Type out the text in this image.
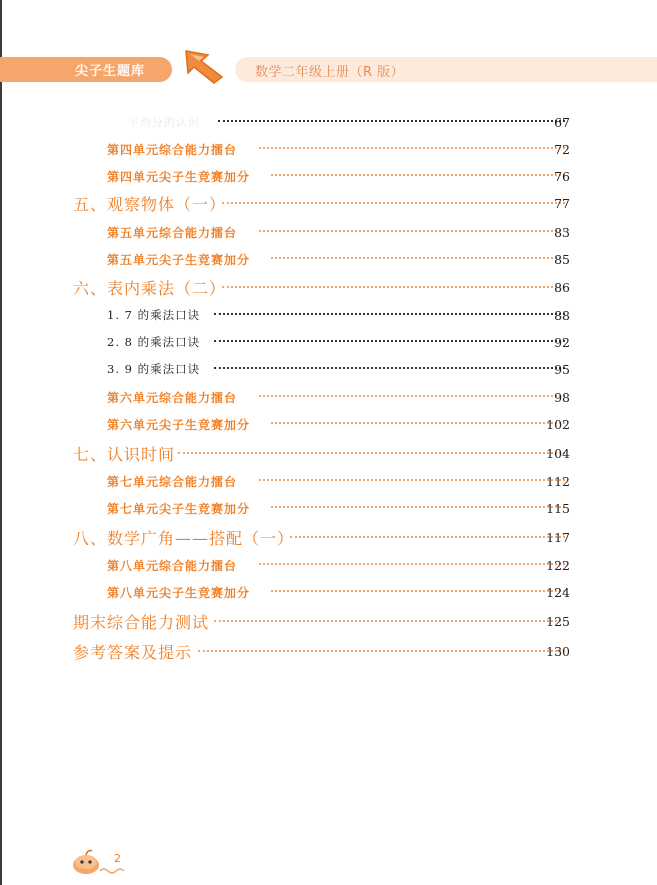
尖子生题库	数学二年级上册（R 版）
平均分的认识	67
第四单元综合能力擂台	72
第四单元尖子生竞赛加分	76
五、观察物体（一）	77
第五单元综合能力擂台	83
第五单元尖子生竞赛加分	85
六、表内乘法（二）	86
1. 7 的乘法口诀	88
2. 8 的乘法口诀	92
3. 9 的乘法口诀	95
第六单元综合能力擂台	98
第六单元尖子生竞赛加分	102
七、认识时间	104
第七单元综合能力擂台	112
第七单元尖子生竞赛加分	115
八、数学广角——搭配（一）	117
第八单元综合能力擂台	122
第八单元尖子生竞赛加分	124
期末综合能力测试	125
参考答案及提示	130
2
